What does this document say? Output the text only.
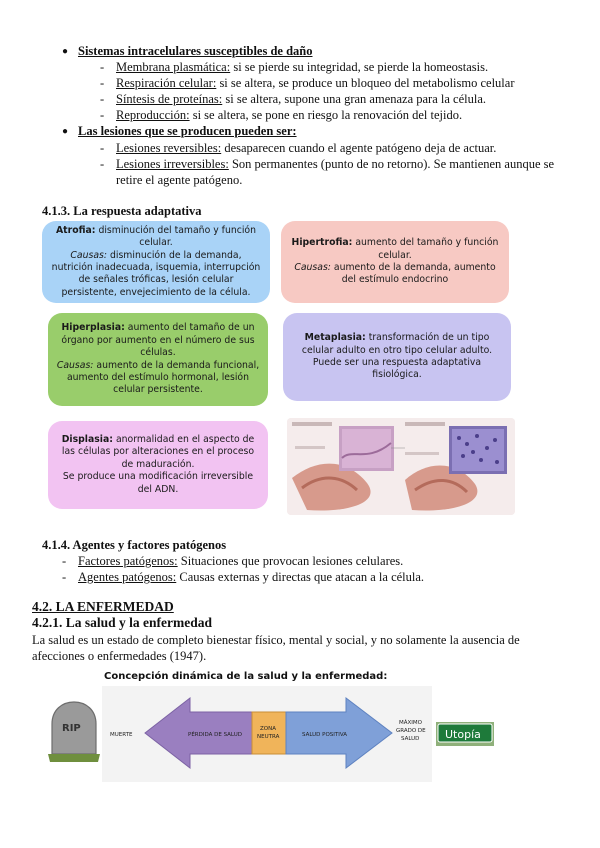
● Sistemas intracelulares susceptibles de daño
- Membrana plasmática: si se pierde su integridad, se pierde la homeostasis.
- Respiración celular: si se altera, se produce un bloqueo del metabolismo celular
- Síntesis de proteínas: si se altera, supone una gran amenaza para la célula.
- Reproducción: si se altera, se pone en riesgo la renovación del tejido.
● Las lesiones que se producen pueden ser:
- Lesiones reversibles: desaparecen cuando el agente patógeno deja de actuar.
- Lesiones irreversibles: Son permanentes (punto de no retorno). Se mantienen aunque se
retire el agente patógeno.
4.1.3. La respuesta adaptativa
Atrofia: disminución del tamaño y función celular.
Causas: disminución de la demanda, nutrición inadecuada, isquemia, interrupción de señales tróficas, lesión celular persistente, envejecimiento de la célula.
Hipertrofia: aumento del tamaño y función celular.
Causas: aumento de la demanda, aumento del estímulo endocrino
Hiperplasia: aumento del tamaño de un órgano por aumento en el número de sus células.
Causas: aumento de la demanda funcional, aumento del estímulo hormonal, lesión celular persistente.
Metaplasia: transformación de un tipo celular adulto en otro tipo celular adulto. Puede ser una respuesta adaptativa fisiológica.
Displasia: anormalidad en el aspecto de las células por alteraciones en el proceso de maduración.
Se produce una modificación irreversible del ADN.
4.1.4. Agentes y factores patógenos
- Factores patógenos: Situaciones que provocan lesiones celulares.
- Agentes patógenos: Causas externas y directas que atacan a la célula.
4.2. LA ENFERMEDAD
4.2.1. La salud y la enfermedad
La salud es un estado de completo bienestar físico, mental y social, y no solamente la ausencia de
afecciones o enfermedades (1947).
Concepción dinámica de la salud y la enfermedad:
RIP
MUERTE	PÉRDIDA DE SALUD
ZONA
NEUTRA	SALUD POSITIVA
MÁXIMO
GRADO DE
SALUD Utopía
